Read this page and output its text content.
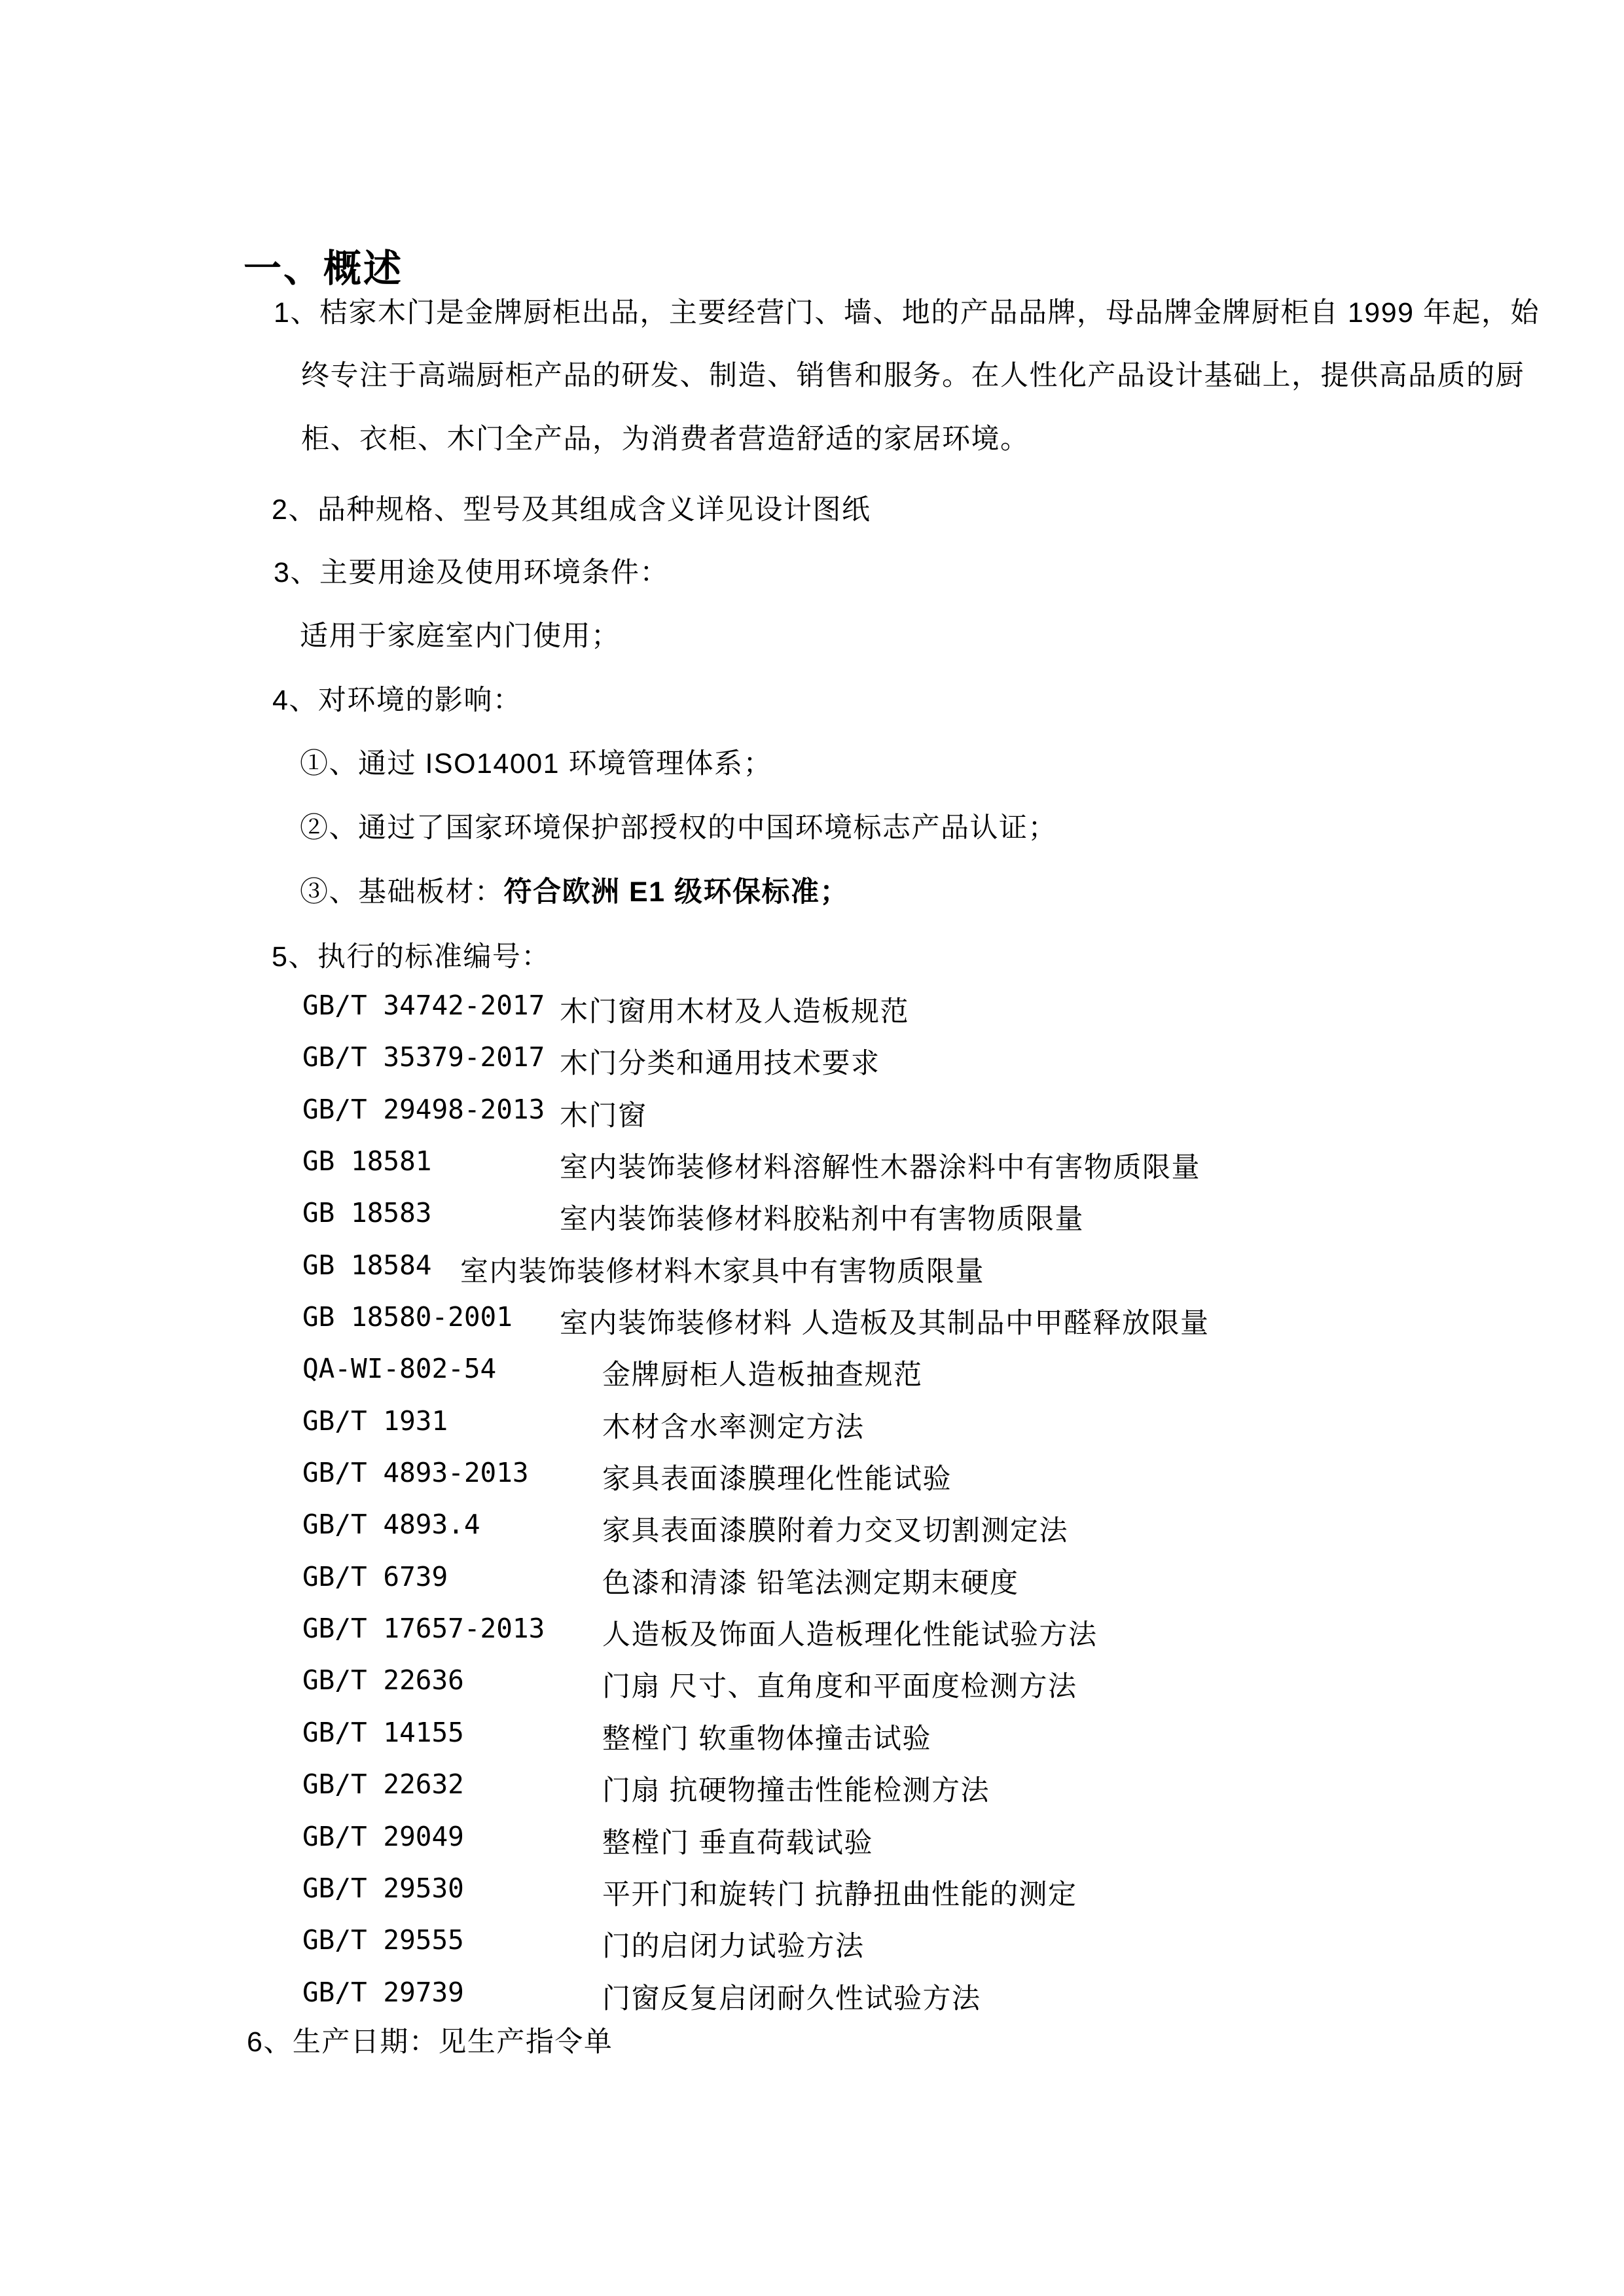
一、概述
1、桔家木门是金牌厨柜出品，主要经营门、墙、地的产品品牌，母品牌金牌厨柜自 1999 年起，始
终专注于高端厨柜产品的研发、制造、销售和服务。在人性化产品设计基础上，提供高品质的厨
柜、衣柜、木门全产品，为消费者营造舒适的家居环境。
2、品种规格、型号及其组成含义详见设计图纸
3、主要用途及使用环境条件：
适用于家庭室内门使用；
4、对环境的影响：
①、通过 ISO14001 环境管理体系；
②、通过了国家环境保护部授权的中国环境标志产品认证；
③、基础板材：符合欧洲 E1 级环保标准；
5、执行的标准编号：
GB/T 34742-2017 木门窗用木材及人造板规范
GB/T 35379-2017 木门分类和通用技术要求
GB/T 29498-2013 木门窗
GB 18581	室内装饰装修材料溶解性木器涂料中有害物质限量
GB 18583	室内装饰装修材料胶粘剂中有害物质限量
GB 18584 室内装饰装修材料木家具中有害物质限量
GB 18580-2001 室内装饰装修材料 人造板及其制品中甲醛释放限量
QA-WI-802-54	金牌厨柜人造板抽查规范
GB/T 1931	木材含水率测定方法
GB/T 4893-2013	家具表面漆膜理化性能试验
GB/T 4893.4	家具表面漆膜附着力交叉切割测定法
GB/T 6739	色漆和清漆 铅笔法测定期末硬度
GB/T 17657-2013 人造板及饰面人造板理化性能试验方法
GB/T 22636	门扇 尺寸、直角度和平面度检测方法
GB/T 14155	整樘门 软重物体撞击试验
GB/T 22632	门扇 抗硬物撞击性能检测方法
GB/T 29049	整樘门 垂直荷载试验
GB/T 29530	平开门和旋转门 抗静扭曲性能的测定
GB/T 29555	门的启闭力试验方法
GB/T 29739	门窗反复启闭耐久性试验方法
6、生产日期：见生产指令单
